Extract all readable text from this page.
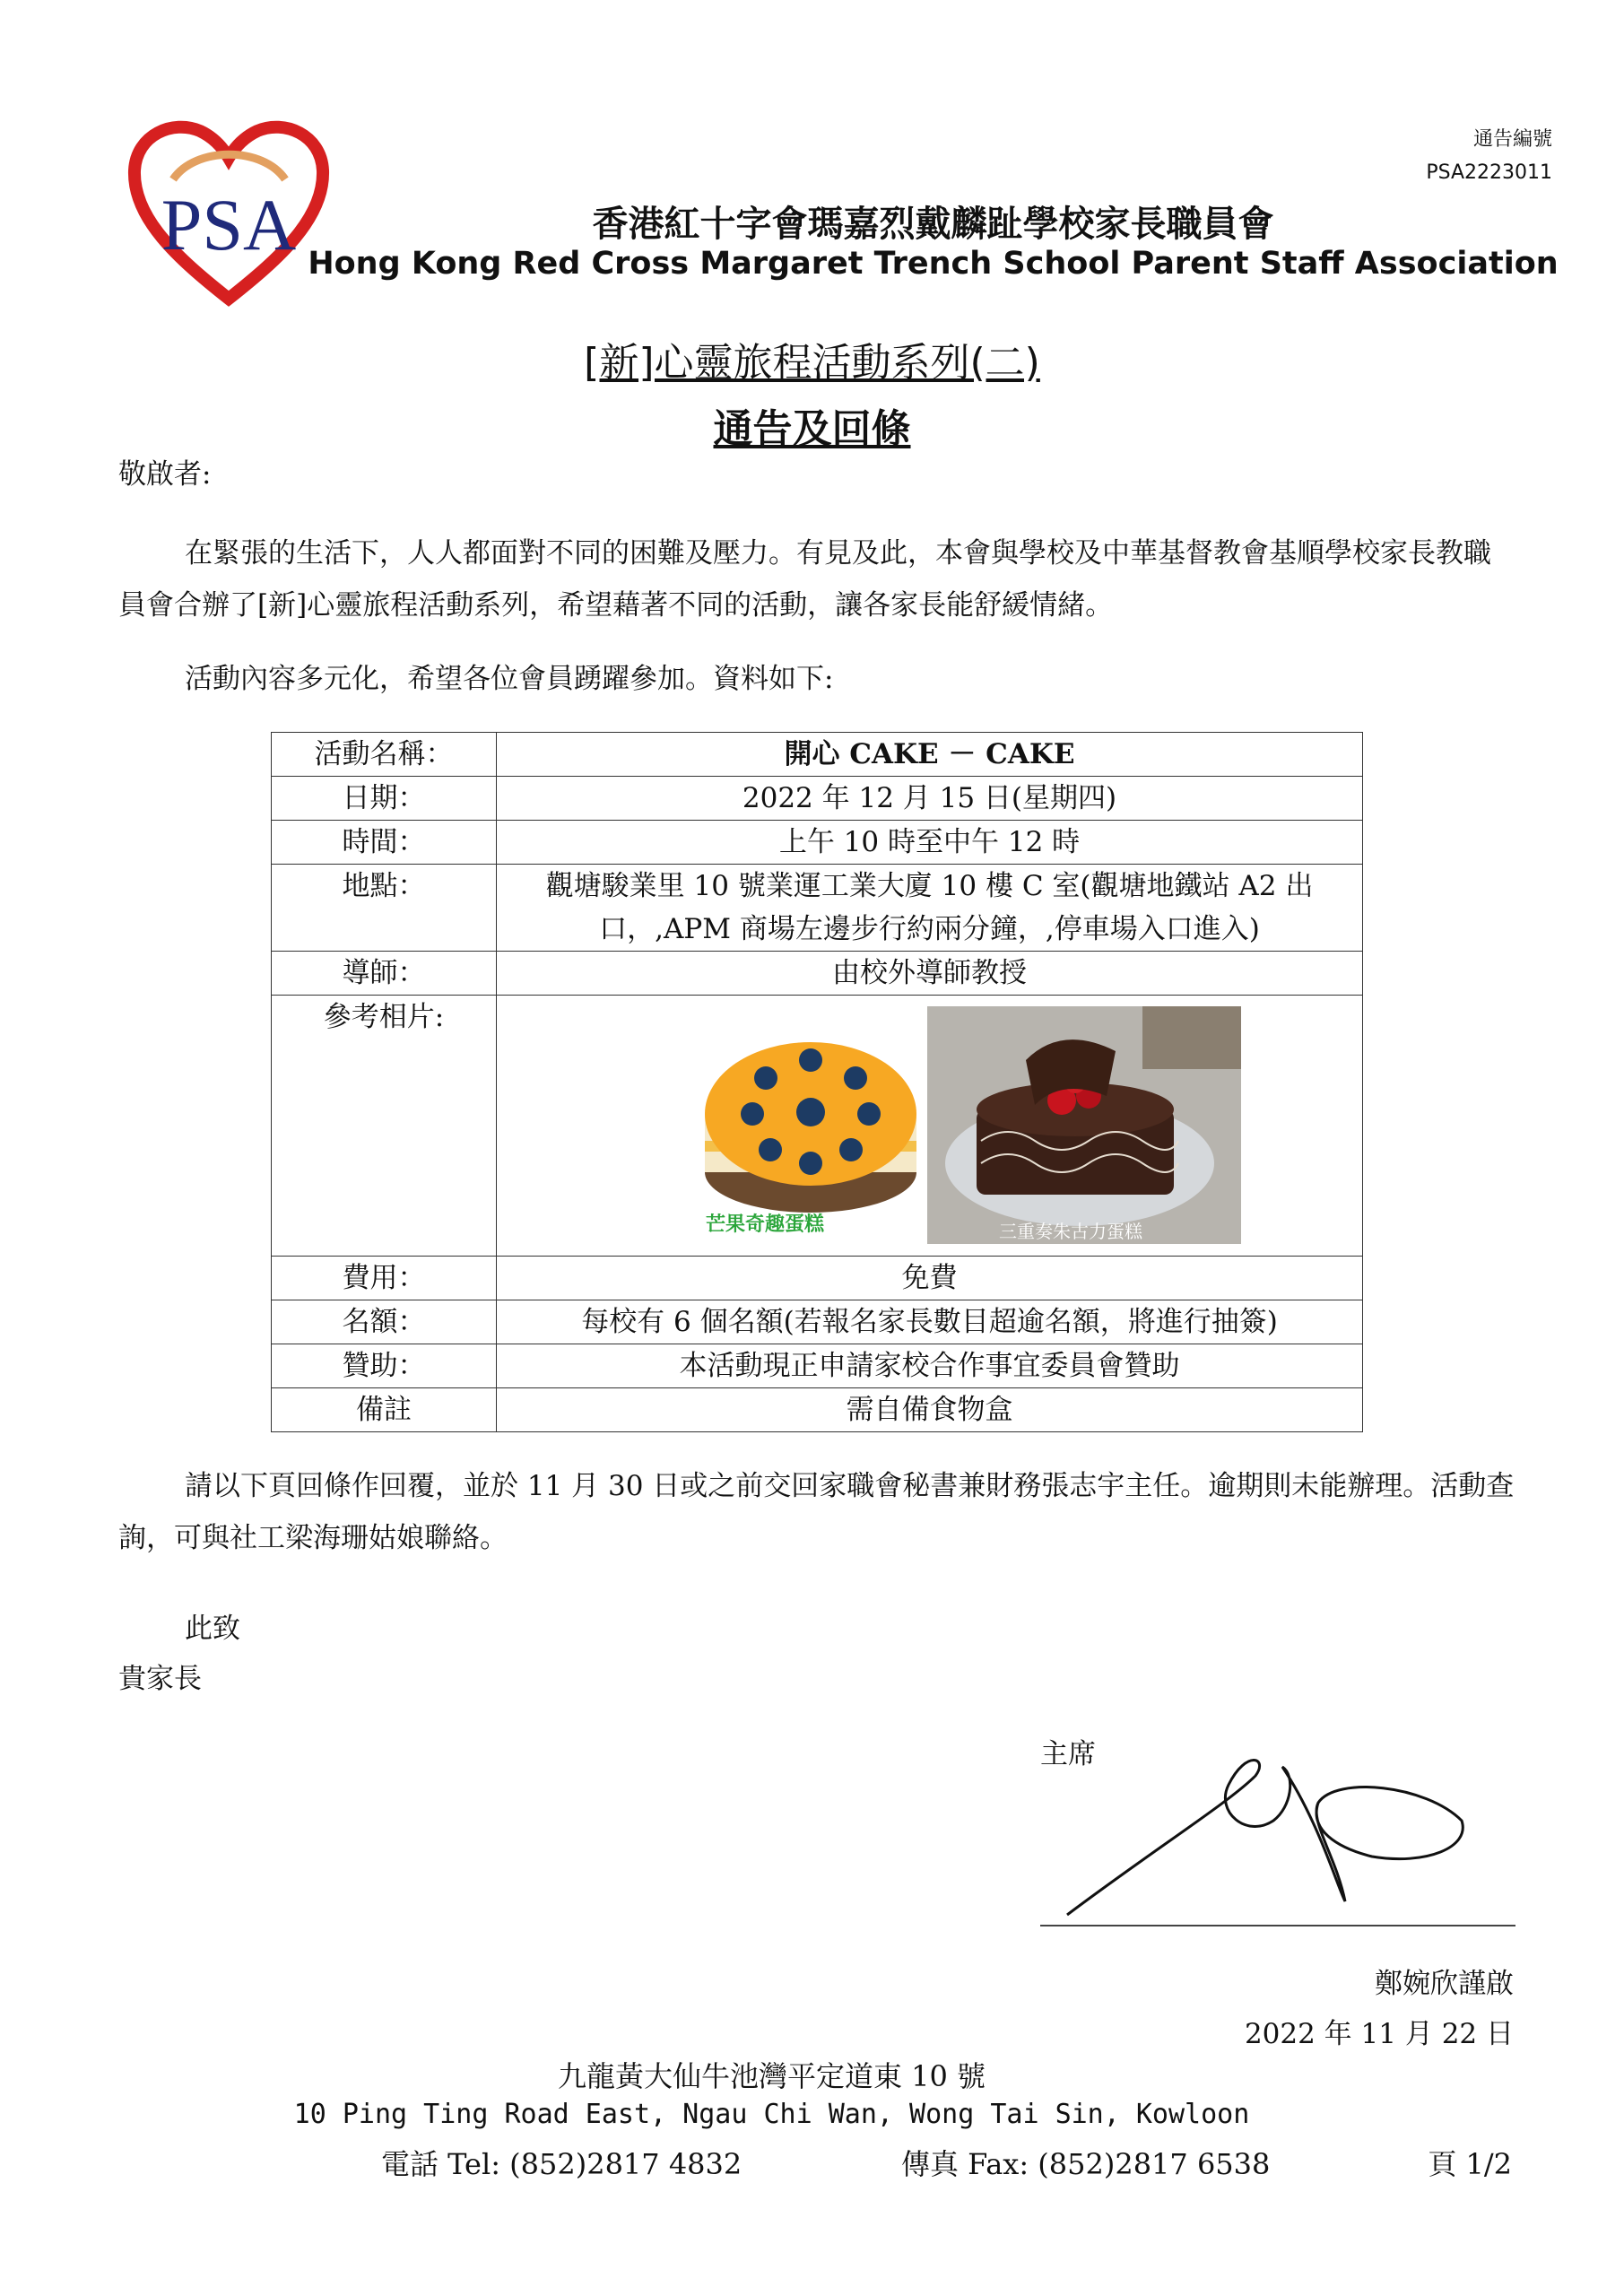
PSA
通告編號
PSA2223011
香港紅十字會瑪嘉烈戴麟趾學校家長職員會
Hong Kong Red Cross Margaret Trench School Parent Staff Association
[新]心靈旅程活動系列(二)
通告及回條
敬啟者:
在緊張的生活下，人人都面對不同的困難及壓力。有見及此，本會與學校及中華基督教會基順學校家長教職員會合辦了[新]心靈旅程活動系列，希望藉著不同的活動，讓各家長能舒緩情緒。
活動內容多元化，希望各位會員踴躍參加。資料如下:
活動名稱：	開心 CAKE － CAKE
日期：	2022 年 12 月 15 日(星期四)
時間：	上午 10 時至中午 12 時
地點：	觀塘駿業里 10 號業運工業大廈 10 樓 C 室(觀塘地鐵站 A2 出口，,APM 商場左邊步行約兩分鐘，,停車場入口進入)
導師：	由校外導師教授
參考相片:	芒果奇趣蛋糕 三重奏朱古力蛋糕

費用：	免費
名額：	每校有 6 個名額(若報名家長數目超逾名額，將進行抽簽)
贊助：	本活動現正申請家校合作事宜委員會贊助
備註	需自備食物盒
請以下頁回條作回覆，並於 11 月 30 日或之前交回家職會秘書兼財務張志宇主任。逾期則未能辦理。活動查詢，可與社工梁海珊姑娘聯絡。
此致
貴家長
主席
鄭婉欣謹啟
2022 年 11 月 22 日
九龍黃大仙牛池灣平定道東 10 號
10 Ping Ting Road East, Ngau Chi Wan, Wong Tai Sin, Kowloon
電話 Tel: (852)2817 4832	傳真 Fax: (852)2817 6538	頁 1/2
